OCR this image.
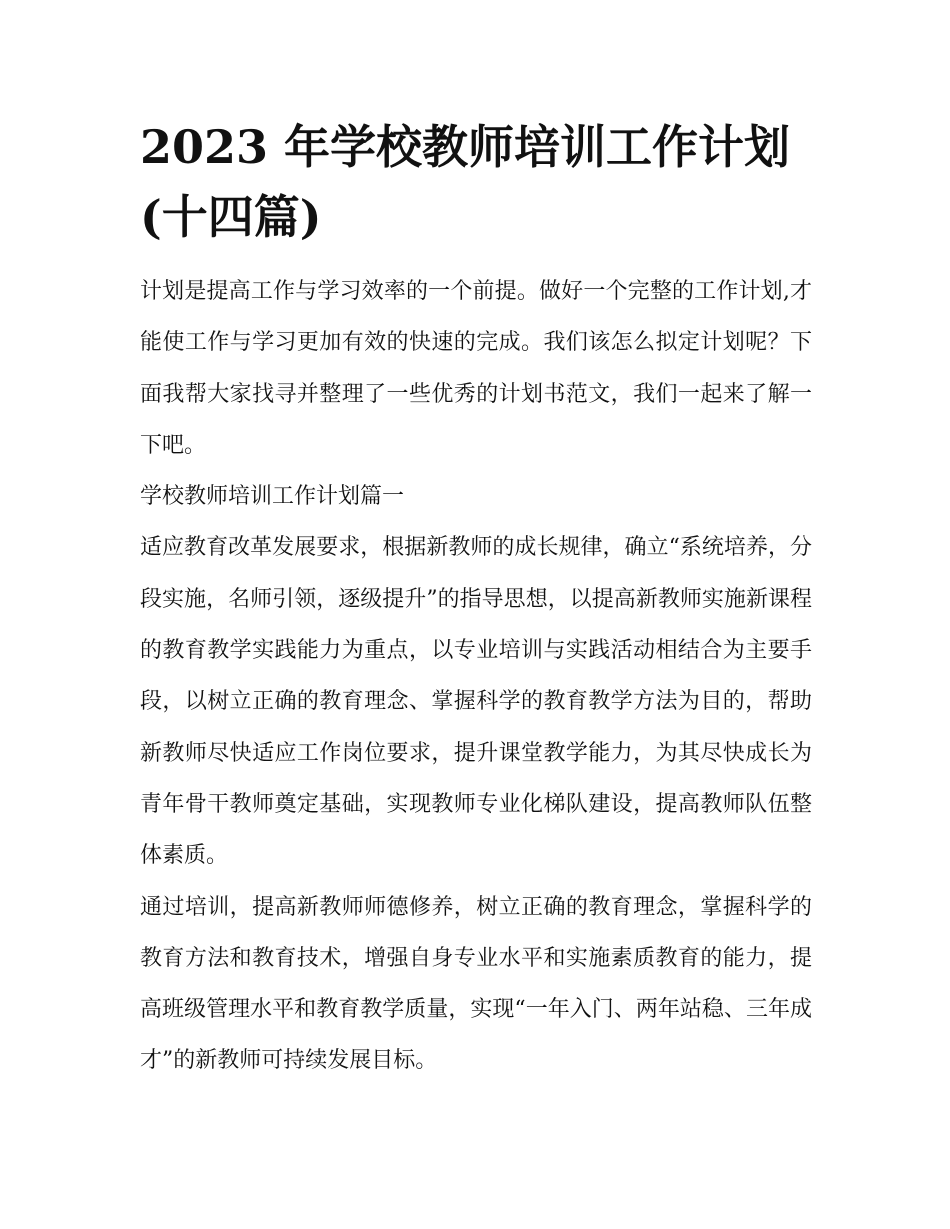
2023 年学校教师培训工作计划(十四篇)

计划是提高工作与学习效率的一个前提。做好一个完整的工作计划,才能使工作与学习更加有效的快速的完成。我们该怎么拟定计划呢？下面我帮大家找寻并整理了一些优秀的计划书范文，我们一起来了解一下吧。

学校教师培训工作计划篇一

适应教育改革发展要求，根据新教师的成长规律，确立“系统培养，分段实施，名师引领，逐级提升”的指导思想，以提高新教师实施新课程的教育教学实践能力为重点，以专业培训与实践活动相结合为主要手段，以树立正确的教育理念、掌握科学的教育教学方法为目的，帮助新教师尽快适应工作岗位要求，提升课堂教学能力，为其尽快成长为青年骨干教师奠定基础，实现教师专业化梯队建设，提高教师队伍整体素质。

通过培训，提高新教师师德修养，树立正确的教育理念，掌握科学的教育方法和教育技术，增强自身专业水平和实施素质教育的能力，提高班级管理水平和教育教学质量，实现“一年入门、两年站稳、三年成才”的新教师可持续发展目标。
